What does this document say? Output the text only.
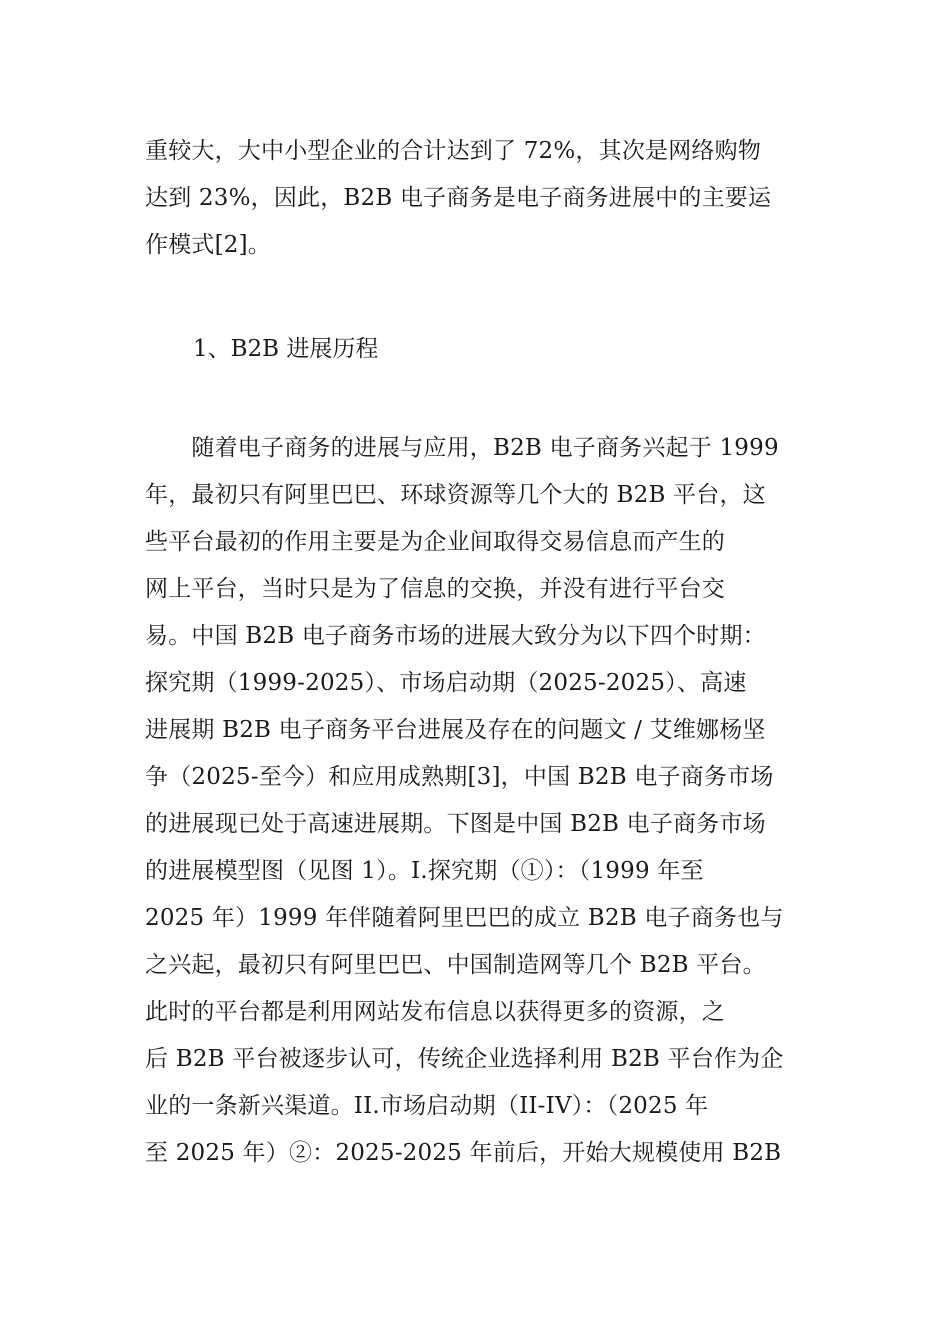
重较大，大中小型企业的合计达到了 72%，其次是网络购物
达到 23%，因此，B2B 电子商务是电子商务进展中的主要运
作模式[2]。
1、B2B 进展历程
　　随着电子商务的进展与应用，B2B 电子商务兴起于 1999
年，最初只有阿里巴巴、环球资源等几个大的 B2B 平台，这
些平台最初的作用主要是为企业间取得交易信息而产生的
网上平台，当时只是为了信息的交换，并没有进行平台交
易。中国 B2B 电子商务市场的进展大致分为以下四个时期：
探究期（1999-2025）、市场启动期（2025-2025）、高速
进展期 B2B 电子商务平台进展及存在的问题文 / 艾维娜杨坚
争（2025-至今）和应用成熟期[3]，中国 B2B 电子商务市场
的进展现已处于高速进展期。下图是中国 B2B 电子商务市场
的进展模型图（见图 1）。I.探究期（①）：（1999 年至
2025 年）1999 年伴随着阿里巴巴的成立 B2B 电子商务也与
之兴起，最初只有阿里巴巴、中国制造网等几个 B2B 平台。
此时的平台都是利用网站发布信息以获得更多的资源，之
后 B2B 平台被逐步认可，传统企业选择利用 B2B 平台作为企
业的一条新兴渠道。II.市场启动期（II-IV）：（2025 年
至 2025 年）②：2025-2025 年前后，开始大规模使用 B2B
